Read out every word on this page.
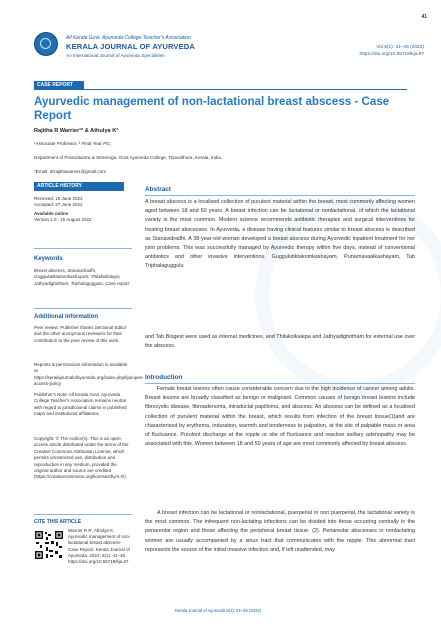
41
All Kerala Govt. Ayurveda College Teacher's Association
KERALA JOURNAL OF AYURVEDA
An International Journal of Ayurveda Specialities
Vol 6(1): 41–45 (2022)
https://doi.org/10.55718/kja.97
CASE REPORT
Ayurvedic management of non-lactational breast abscess - Case Report
Rajitha R Warrier¹* & Athulya K²
¹Associate Professor, ² Final Year PG,
Department of Prasutitantra & Streeroga, Govt Ayurveda College, Tripunithura, Kerala, India.
*Email: drrajithawarrier@gmail.com
ARTICLE HISTORY
Received: 15 June 2022
Accepted: 27 June 2022
Available online
Version 1.0 : 15 August 2022
Keywords
Breast abscess, Stanavidradhi, Guggulutiktakomkashayam, Thilakolkalepa, Jathyadighritham, Triphalaguggulu, Case report.
Additional information
Peer review: Publisher thanks Sectional Editor and the other anonymous reviewers for their contribution to the peer review of this work.
Reprints & permissions information is available at https://keralajournalofayurveda.org/index.php/kja/open-access-policy
Publisher's Note: All Kerala Govt. Ayurveda College Teacher's Association remains neutral with regard to jurisdictional claims in published maps and institutional affiliations.
Copyright: © The Author(s). This is an open-access article distributed under the terms of the Creative Commons Attribution License, which permits unrestricted use, distribution and reproduction in any medium, provided the original author and source are credited (https://creativecommons.org/licenses/by/4.0/)
CITE THIS ARTICLE
Warrier R R, Athulya K. Ayurvedic management of non-lactational breast abscess- Case Report. Kerala Journal of Ayurveda. 2022; 6(1): 41–45. https://doi.org/10.55718/kja.97
Abstract
A breast abscess is a localised collection of purulent material within the breast, most commonly affecting women aged between 18 and 50 years. A breast infection can be lactational or nonlactational, of which the lactational variety is the most common. Modern science recommends antibiotic therapies and surgical interventions for treating breast abscesses. In Ayurveda, a disease having clinical features similar to breast abscess is described as Stanavidradhi. A 38-year-old woman developed a breast abscess during Ayurvedic inpatient treatment for her joint problems. This was successfully managed by Ayurvedic therapy within five days, instead of conventional antibiotics and other invasive interventions. Guggulutiktakomkashayam, Punarnavaalkashayam, Tab Triphalaguggulu
and Tab Biogest were used as internal medicines, and Thilakolkalepa and Jathyadighritham for external use over the abscess.
Introduction
Female breast lesions often cause considerable concern due to the high incidence of cancer among adults. Breast lesions are broadly classified as benign or malignant. Common causes of benign breast lesions include fibrocystic disease, fibroadenoma, intraductal papilloma, and abscess. An abscess can be defined as a localised collection of purulent material within the breast, which results from infection of the breast tissue(1)and are characterised by erythema, induration, warmth and tenderness to palpation, at the site of palpable mass or area of fluctuance. Purulent discharge at the nipple or site of fluctuance and reactive axillary adenopathy may be associated with this. Women between 18 and 50 years of age are most commonly affected by breast abscess.
A breast infection can be lactational or nonlactational, puerperial or non puerperial, the lactational variety is the most common. The infrequent non-lactating infections can be divided into those occurring centrally in the periareolar region and those affecting the peripheral breast tissue. (2). Periareolar abscesses in nonlactating women are usually accompanied by a sinus tract that communicates with the nipple. This abnormal tract represents the source of the initial invasive infection and, if left unattended, may
Kerala Journal of Ayurveda 6(1): 41–45 (2022)
